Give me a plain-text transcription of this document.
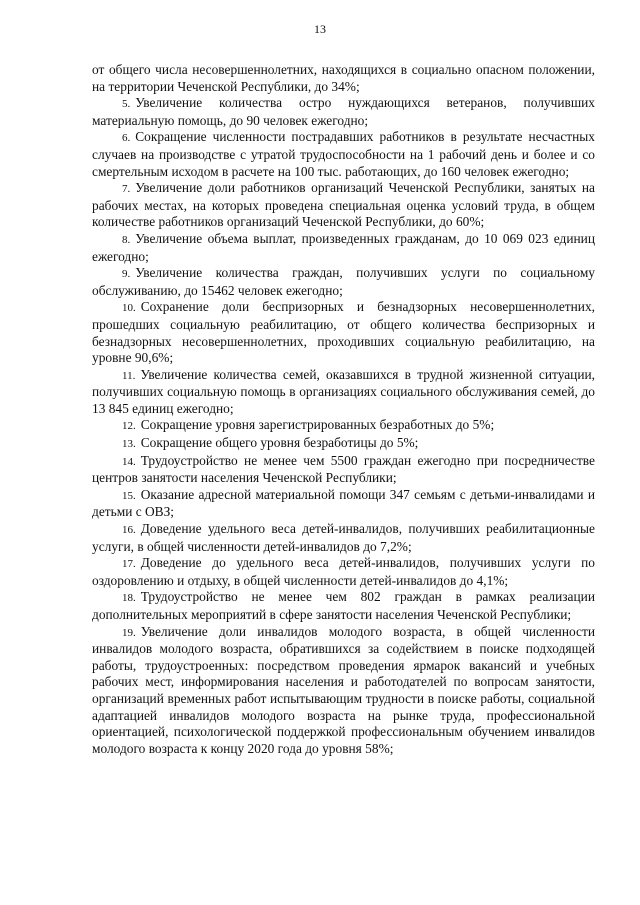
13

от общего числа несовершеннолетних, находящихся в социально опасном положении, на территории Чеченской Республики, до 34%;

5. Увеличение количества остро нуждающихся ветеранов, получивших материальную помощь, до 90 человек ежегодно;

6. Сокращение численности пострадавших работников в результате несчастных случаев на производстве с утратой трудоспособности на 1 рабочий день и более и со смертельным исходом в расчете на 100 тыс. работающих, до 160 человек ежегодно;

7. Увеличение доли работников организаций Чеченской Республики, занятых на рабочих местах, на которых проведена специальная оценка условий труда, в общем количестве работников организаций Чеченской Республики, до 60%;

8. Увеличение объема выплат, произведенных гражданам, до 10 069 023 единиц ежегодно;

9. Увеличение количества граждан, получивших услуги по социальному обслуживанию, до 15462 человек ежегодно;

10. Сохранение доли беспризорных и безнадзорных несовершеннолетних, прошедших социальную реабилитацию, от общего количества беспризорных и безнадзорных несовершеннолетних, проходивших социальную реабилитацию, на уровне 90,6%;

11. Увеличение количества семей, оказавшихся в трудной жизненной ситуации, получивших социальную помощь в организациях социального обслуживания семей, до 13 845 единиц ежегодно;

12. Сокращение уровня зарегистрированных безработных до 5%;

13. Сокращение общего уровня безработицы до 5%;

14. Трудоустройство не менее чем 5500 граждан ежегодно при посредничестве центров занятости населения Чеченской Республики;

15. Оказание адресной материальной помощи 347 семьям с детьми-инвалидами и детьми с ОВЗ;

16. Доведение удельного веса детей-инвалидов, получивших реабилитационные услуги, в общей численности детей-инвалидов до 7,2%;

17. Доведение до удельного веса детей-инвалидов, получивших услуги по оздоровлению и отдыху, в общей численности детей-инвалидов до 4,1%;

18. Трудоустройство не менее чем 802 граждан в рамках реализации дополнительных мероприятий в сфере занятости населения Чеченской Республики;

19. Увеличение доли инвалидов молодого возраста, в общей численности инвалидов молодого возраста, обратившихся за содействием в поиске подходящей работы, трудоустроенных: посредством проведения ярмарок вакансий и учебных рабочих мест, информирования населения и работодателей по вопросам занятости, организаций временных работ испытывающим трудности в поиске работы, социальной адаптацией инвалидов молодого возраста на рынке труда, профессиональной ориентацией, психологической поддержкой профессиональным обучением инвалидов молодого возраста к концу 2020 года до уровня 58%;
